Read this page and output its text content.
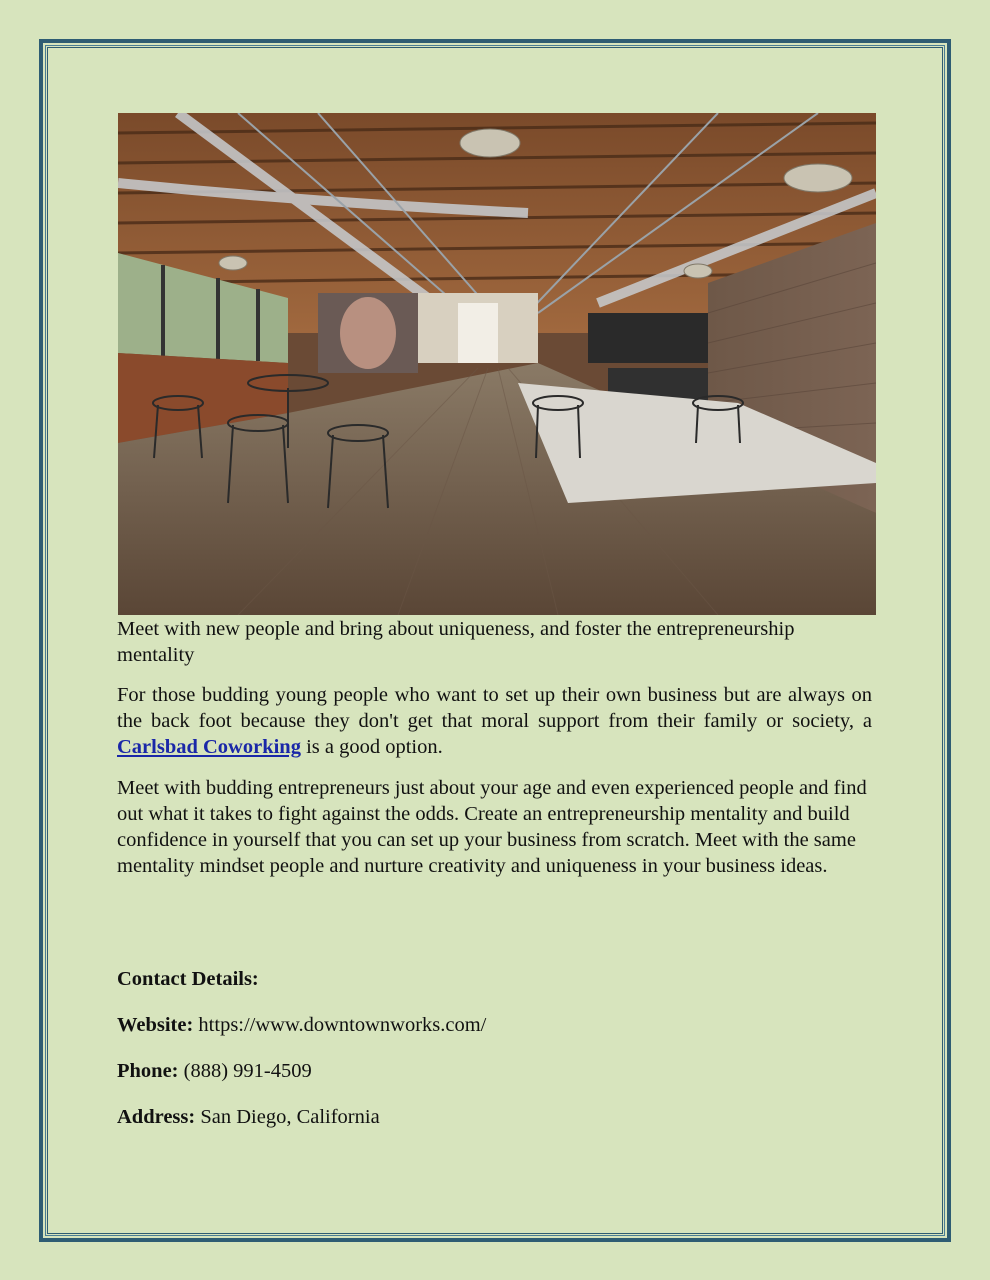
Meet with new people and bring about uniqueness, and foster the entrepreneurship mentality

For those budding young people who want to set up their own business but are always on the back foot because they don't get that moral support from their family or society, a Carlsbad Coworking is a good option.

Meet with budding entrepreneurs just about your age and even experienced people and find out what it takes to fight against the odds. Create an entrepreneurship mentality and build confidence in yourself that you can set up your business from scratch. Meet with the same mentality mindset people and nurture creativity and uniqueness in your business ideas.

Contact Details:
Website: https://www.downtownworks.com/
Phone: (888) 991-4509
Address: San Diego, California
